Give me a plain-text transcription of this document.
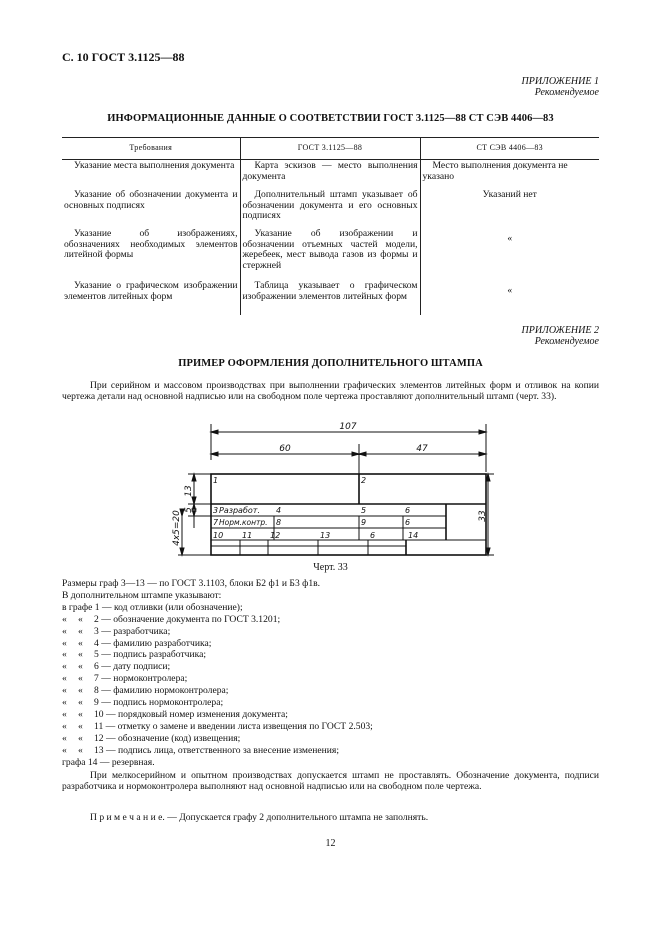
С. 10 ГОСТ 3.1125—88
ПРИЛОЖЕНИЕ 1
Рекомендуемое
ИНФОРМАЦИОННЫЕ ДАННЫЕ О СООТВЕТСТВИИ ГОСТ 3.1125—88 СТ СЭВ 4406—83
Требования	ГОСТ 3.1125—88	СТ СЭВ 4406—83
Указание места выполнения документа	Карта эскизов — место выполнения документа	Место выполнения документа не указано
Указание об обозначении документа и основных подписях	Дополнительный штамп указывает об обозначении документа и его основных подписях	Указаний нет
Указание об изображениях, обозначениях необходимых элементов литейной формы	Указание об изображении и обозначении отъемных частей модели, жеребеек, мест вывода газов из формы и стержней	«
Указание о графическом изображении элементов литейных форм	Таблица указывает о графическом изображении элементов литейных форм	«
ПРИЛОЖЕНИЕ 2
Рекомендуемое
ПРИМЕР ОФОРМЛЕНИЯ ДОПОЛНИТЕЛЬНОГО ШТАМПА

При серийном и массовом производствах при выполнении графических элементов литейных форм и отливок на копии чертежа детали над основной надписью или на свободном поле чертежа проставляют дополнительный штамп (черт. 33).

107
60	47
13
5
4x5=20	33
1	2
3 Разработ. 4	5	6
7 Норм.контр. 8	9	6
10 11 12	13	6	14
Черт. 33
Размеры граф 3—13 — по ГОСТ 3.1103, блоки Б2 ф1 и Б3 ф1в.
В дополнительном штампе указывают:
в графе 1 — код отливки (или обозначение);
« « 2 — обозначение документа по ГОСТ 3.1201;
« « 3 — разработчика;
« « 4 — фамилию разработчика;
« « 5 — подпись разработчика;
« « 6 — дату подписи;
« « 7 — нормоконтролера;
« « 8 — фамилию нормоконтролера;
« « 9 — подпись нормоконтролера;
« « 10 — порядковый номер изменения документа;
« « 11 — отметку о замене и введении листа извещения по ГОСТ 2.503;
« « 12 — обозначение (код) извещения;
« « 13 — подпись лица, ответственного за внесение изменения;
графа 14 — резервная.

При мелкосерийном и опытном производствах допускается штамп не проставлять. Обозначение документа, подписи разработчика и нормоконтролера выполняют над основной надписью или на свободном поле чертежа.

П р и м е ч а н и е. — Допускается графу 2 дополнительного штампа не заполнять.

12
